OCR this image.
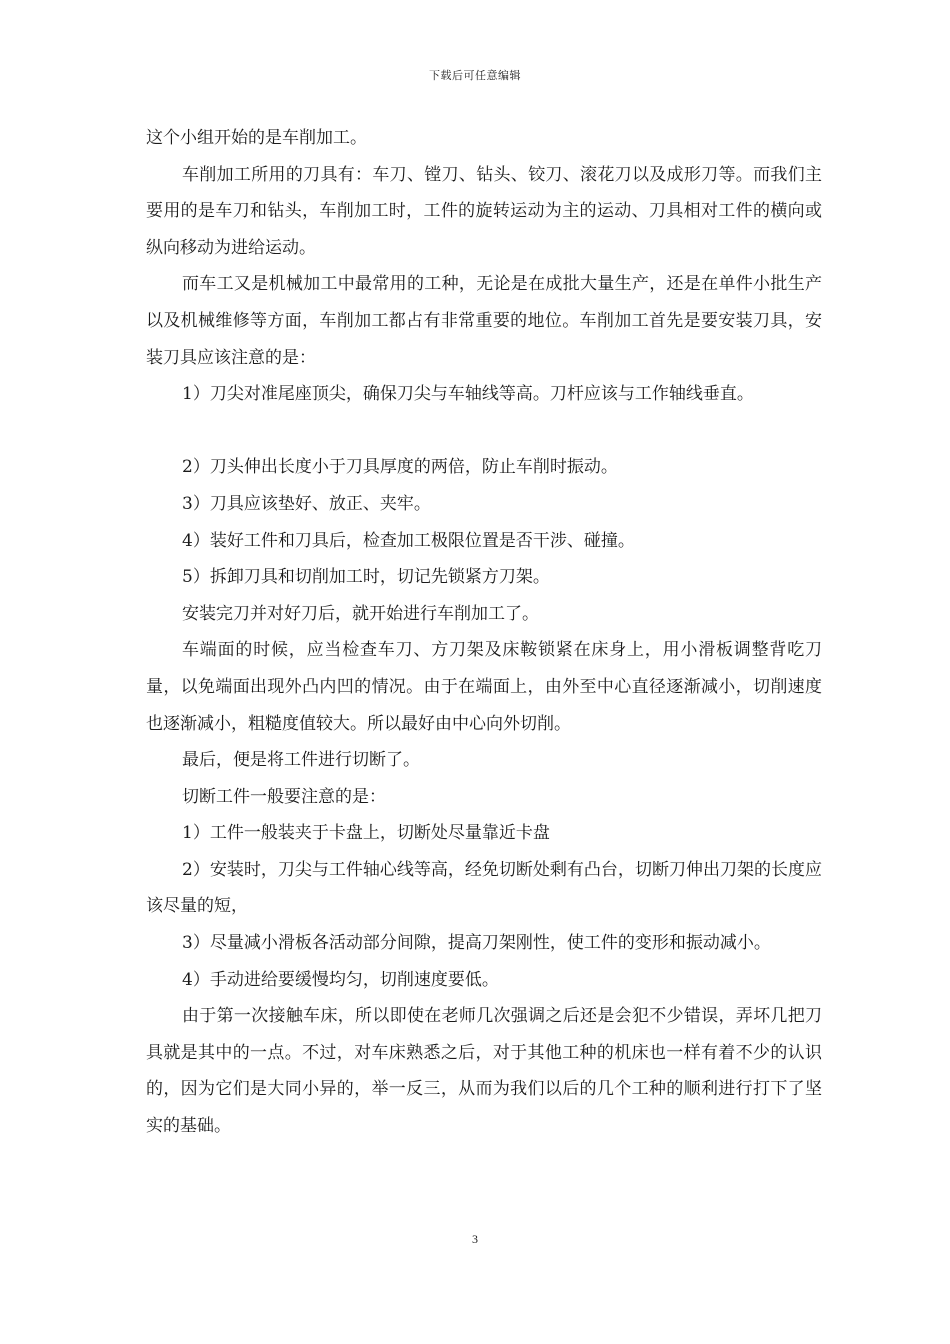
下载后可任意编辑

这个小组开始的是车削加工。

车削加工所用的刀具有：车刀、镗刀、钻头、铰刀、滚花刀以及成形刀等。而我们主要用的是车刀和钻头，车削加工时，工件的旋转运动为主的运动、刀具相对工件的横向或纵向移动为进给运动。

而车工又是机械加工中最常用的工种，无论是在成批大量生产，还是在单件小批生产以及机械维修等方面，车削加工都占有非常重要的地位。车削加工首先是要安装刀具，安装刀具应该注意的是：

1）刀尖对准尾座顶尖，确保刀尖与车轴线等高。刀杆应该与工作轴线垂直。

2）刀头伸出长度小于刀具厚度的两倍，防止车削时振动。

3）刀具应该垫好、放正、夹牢。

4）装好工件和刀具后，检查加工极限位置是否干涉、碰撞。

5）拆卸刀具和切削加工时，切记先锁紧方刀架。

安装完刀并对好刀后，就开始进行车削加工了。

车端面的时候，应当检查车刀、方刀架及床鞍锁紧在床身上，用小滑板调整背吃刀量，以免端面出现外凸内凹的情况。由于在端面上，由外至中心直径逐渐减小，切削速度也逐渐减小，粗糙度值较大。所以最好由中心向外切削。

最后，便是将工件进行切断了。

切断工件一般要注意的是：

1）工件一般装夹于卡盘上，切断处尽量靠近卡盘

2）安装时，刀尖与工件轴心线等高，经免切断处剩有凸台，切断刀伸出刀架的长度应该尽量的短，

3）尽量减小滑板各活动部分间隙，提高刀架刚性，使工件的变形和振动减小。

4）手动进给要缓慢均匀，切削速度要低。

由于第一次接触车床，所以即使在老师几次强调之后还是会犯不少错误，弄坏几把刀具就是其中的一点。不过，对车床熟悉之后，对于其他工种的机床也一样有着不少的认识的，因为它们是大同小异的，举一反三，从而为我们以后的几个工种的顺利进行打下了坚实的基础。

3
